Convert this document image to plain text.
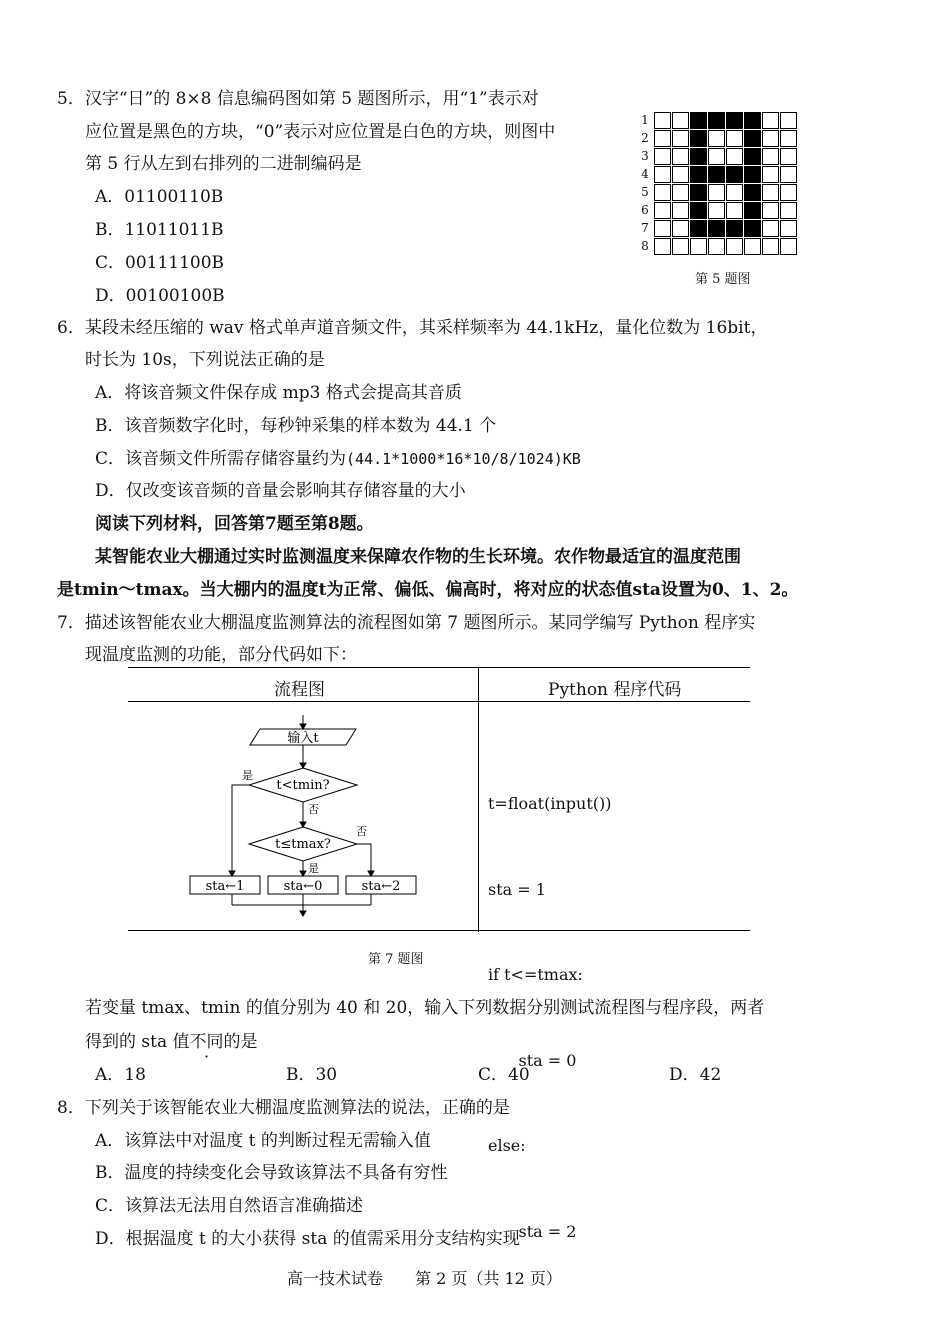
5．汉字“日”的 8×8 信息编码图如第 5 题图所示，用“1”表示对
应位置是黑色的方块，“0”表示对应位置是白色的方块，则图中
第 5 行从左到右排列的二进制编码是
A．01100110B
B．11011011B
C．00111100B
D．00100100B
1
2
3
4
5
6
7
8
第 5 题图
6．某段未经压缩的 wav 格式单声道音频文件，其采样频率为 44.1kHz，量化位数为 16bit，
时长为 10s，下列说法正确的是
A．将该音频文件保存成 mp3 格式会提高其音质
B．该音频数字化时，每秒钟采集的样本数为 44.1 个
C．该音频文件所需存储容量约为(44.1*1000*16*10/8/1024)KB
D．仅改变该音频的音量会影响其存储容量的大小
阅读下列材料，回答第7题至第8题。
某智能农业大棚通过实时监测温度来保障农作物的生长环境。农作物最适宜的温度范围
是tmin～tmax。当大棚内的温度t为正常、偏低、偏高时，将对应的状态值sta设置为0、1、2。
7．描述该智能农业大棚温度监测算法的流程图如第 7 题图所示。某同学编写 Python 程序实
现温度监测的功能，部分代码如下：
流程图	Python 程序代码
输入t
t<tmin?
t≤tmax?
是
否
否
是
sta←1	sta←0	sta←2

t=float(input())

sta = 1

if t<=tmax:

sta = 0

else:

sta = 2

第 7 题图
若变量 tmax、tmin 的值分别为 40 和 20，输入下列数据分别测试流程图与程序段，两者
得到的 sta 值不同的是
A．18	B．30	C．40	D．42
8．下列关于该智能农业大棚温度监测算法的说法，正确的是
A．该算法中对温度 t 的判断过程无需输入值
B．温度的持续变化会导致该算法不具备有穷性
C．该算法无法用自然语言准确描述
D．根据温度 t 的大小获得 sta 的值需采用分支结构实现
高一技术试卷　　第 2 页（共 12 页）
